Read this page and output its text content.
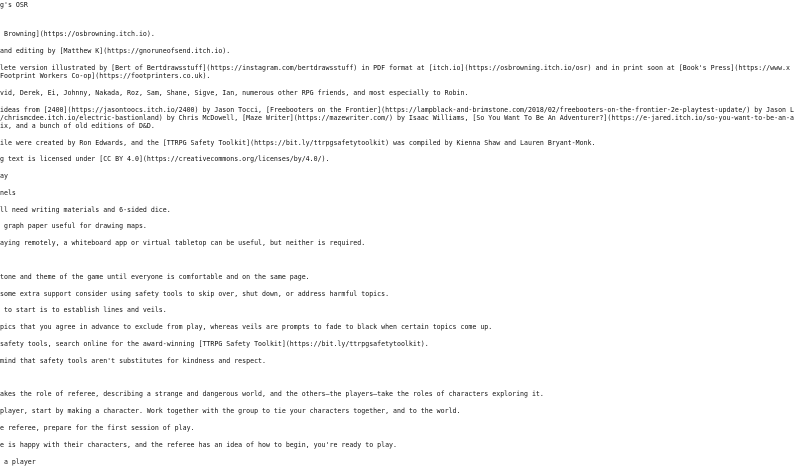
g's OSR
Browning](https://osbrowning.itch.io).
and editing by [Matthew K](https://gnoruneofsend.itch.io).
lete version illustrated by [Bert of Bertdrawsstuff](https://instagram.com/bertdrawsstuff) in PDF format at [itch.io](https://osbrowning.itch.io/osr) and in print soon at [Book's Press](https://www.x
Footprint Workers Co-op](https://footprinters.co.uk).
vid, Derek, Ei, Johnny, Nakada, Roz, Sam, Shane, Sigve, Ian, numerous other RPG friends, and most especially to Robin.
ideas from [2400](https://jasontoocs.itch.io/2400) by Jason Tocci, [Freebooters on the Frontier](https://lampblack-and-brimstone.com/2018/02/freebooters-on-the-frontier-2e-playtest-update/) by Jason L
/chrismcdee.itch.io/electric-bastionland) by Chris McDowell, [Maze Writer](https://mazewriter.com/) by Isaac Williams, [So You Want To Be An Adventurer?](https://e-jared.itch.io/so-you-want-to-be-an-a
ix, and a bunch of old editions of D&D.
ile were created by Ron Edwards, and the [TTRPG Safety Toolkit](https://bit.ly/ttrpgsafetytoolkit) was compiled by Kienna Shaw and Lauren Bryant-Monk.
g text is licensed under [CC BY 4.0](https://creativecommons.org/licenses/by/4.0/).
ay
nels
ll need writing materials and 6-sided dice.
graph paper useful for drawing maps.
aying remotely, a whiteboard app or virtual tabletop can be useful, but neither is required.
tone and theme of the game until everyone is comfortable and on the same page.
some extra support consider using safety tools to skip over, shut down, or address harmful topics.
to start is to establish lines and veils.
pics that you agree in advance to exclude from play, whereas veils are prompts to fade to black when certain topics come up.
safety tools, search online for the award-winning [TTRPG Safety Toolkit](https://bit.ly/ttrpgsafetytoolkit).
mind that safety tools aren't substitutes for kindness and respect.
akes the role of referee, describing a strange and dangerous world, and the others—the players—take the roles of characters exploring it.
player, start by making a character. Work together with the group to tie your characters together, and to the world.
e referee, prepare for the first session of play.
e is happy with their characters, and the referee has an idea of how to begin, you're ready to play.
a player
